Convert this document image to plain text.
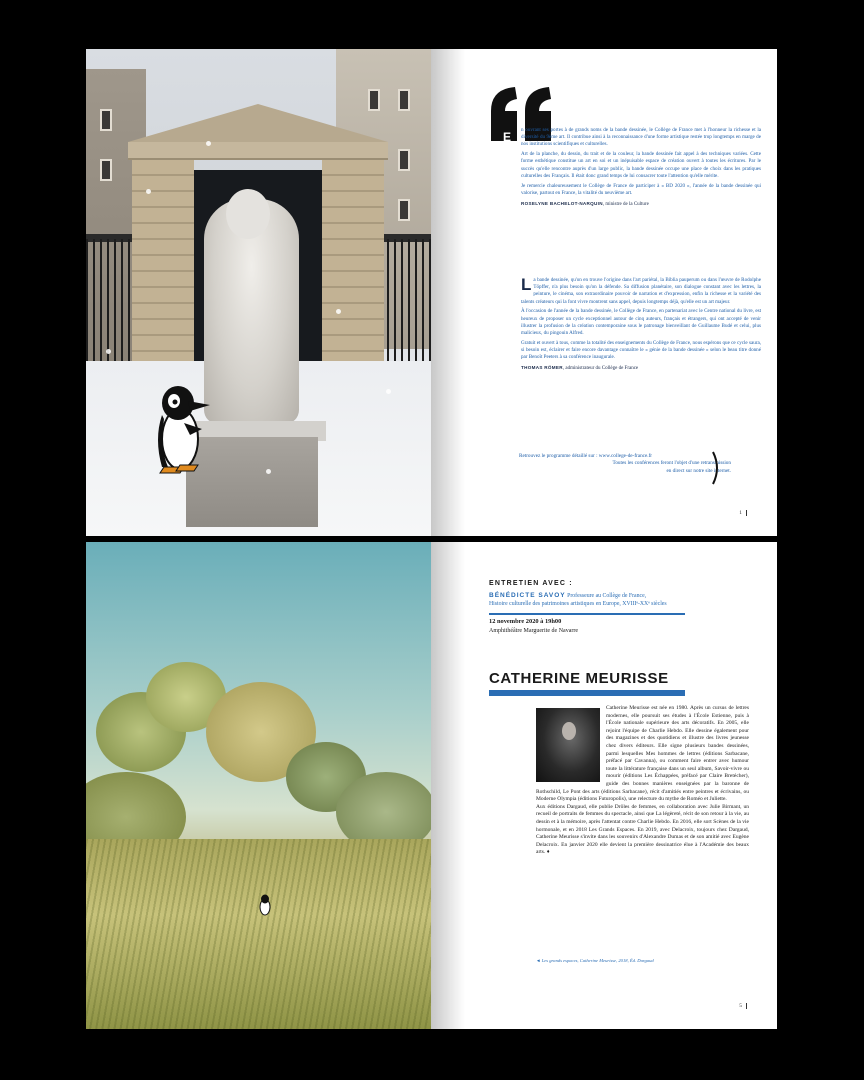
E n ouvrant ses portes à de grands noms de la bande dessinée, le Collège de France met à l'honneur la richesse et la diversité du 9ème art. Il contribue ainsi à la reconnaissance d'une forme artistique restée trop longtemps en marge de nos institutions scientifiques et culturelles.

Art de la planche, du dessin, du trait et de la couleur, la bande dessinée fait appel à des techniques variées. Cette forme esthétique constitue un art en soi et un inépuisable espace de création ouvert à toutes les écritures. Par le succès qu'elle rencontre auprès d'un large public, la bande dessinée occupe une place de choix dans les pratiques culturelles des Français. Il était donc grand temps de lui consacrer toute l'attention qu'elle mérite.

Je remercie chaleureusement le Collège de France de participer à « BD 2020 », l'année de la bande dessinée qui valorise, partout en France, la vitalité du neuvième art.

ROSELYNE BACHELOT-NARQUIN, ministre de la Culture

La bande dessinée, qu'on en trouve l'origine dans l'art pariétal, la Biblia pauperum ou dans l'œuvre de Rodolphe Töpffer, n'a plus besoin qu'on la défende. Sa diffusion planétaire, son dialogue constant avec les lettres, la peinture, le cinéma, son extraordinaire pouvoir de narration et d'expression, enfin la richesse et la variété des talents créateurs qui la font vivre montrent sans appel, depuis longtemps déjà, qu'elle est un art majeur.

À l'occasion de l'année de la bande dessinée, le Collège de France, en partenariat avec le Centre national du livre, est heureux de proposer un cycle exceptionnel autour de cinq auteurs, français et étrangers, qui ont accepté de venir illustrer la profusion de la création contemporaine sous le patronage bienveillant de Guillaume Budé et celui, plus malicieux, du pingouin Alfred.

Gratuit et ouvert à tous, comme la totalité des enseignements du Collège de France, nous espérons que ce cycle saura, si besoin est, éclairer et faire encore davantage connaître le « génie de la bande dessinée » selon le beau titre donné par Benoît Peeters à sa conférence inaugurale.

THOMAS RÖMER, administrateur du Collège de France
Retrouvez le programme détaillé sur : www.college-de-france.fr
Toutes les conférences feront l'objet d'une retransmission
en direct sur notre site internet.
1
ENTRETIEN AVEC :
BÉNÉDICTE SAVOY Professeure au Collège de France,
Histoire culturelle des patrimoines artistiques en Europe, XVIIIᵉ-XXᵉ siècles
12 novembre 2020 à 19h00
Amphithéâtre Marguerite de Navarre
CATHERINE MEURISSE

Catherine Meurisse est née en 1980. Après un cursus de lettres modernes, elle poursuit ses études à l'École Estienne, puis à l'École nationale supérieure des arts décoratifs. En 2005, elle rejoint l'équipe de Charlie Hebdo. Elle dessine également pour des magazines et des quotidiens et illustre des livres jeunesse chez divers éditeurs. Elle signe plusieurs bandes dessinées, parmi lesquelles Mes hommes de lettres (éditions Sarbacane, préfacé par Cavanna), ou comment faire entrer avec humour toute la littérature française dans un seul album, Savoir-vivre ou mourir (éditions Les Échappées, préfacé par Claire Bretécher), guide des bonnes manières enseignées par la baronne de Rothschild, Le Pont des arts (éditions Sarbacane), récit d'amitiés entre peintres et écrivains, ou Moderne Olympia (éditions Futuropolis), une relecture du mythe de Roméo et Juliette.

Aux éditions Dargaud, elle publie Drôles de femmes, en collaboration avec Julie Birmant, un recueil de portraits de femmes du spectacle, ainsi que La légèreté, récit de son retour à la vie, au dessin et à la mémoire, après l'attentat contre Charlie Hebdo. En 2016, elle sort Scènes de la vie hormonale, et en 2018 Les Grands Espaces. En 2019, avec Delacroix, toujours chez Dargaud, Catherine Meurisse s'invite dans les souvenirs d'Alexandre Dumas et de son amitié avec Eugène Delacroix. En janvier 2020 elle devient la première dessinatrice élue à l'Académie des beaux arts. ♦

◄ Les grands espaces, Catherine Meurisse, 2018, Éd. Dargaud
5
